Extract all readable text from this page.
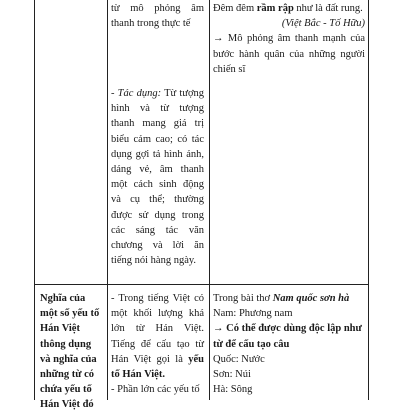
từ mô phỏng âm thanh trong thực tế

- Tác dụng: Từ tượng hình và từ tượng thanh mang giá trị biểu cảm cao; có tác dụng gợi tả hình ảnh, dáng vẻ, âm thanh một cách sinh động và cụ thể; thường được sử dụng trong các sáng tác văn chương và lời ăn tiếng nói hàng ngày.

Đêm đêm rầm rập như là đất rung.

(Việt Bắc - Tố Hữu)

→ Mô phỏng âm thanh mạnh của bước hành quân của những người chiến sĩ

Nghĩa của một số yếu tố Hán Việt thông dụng và nghĩa của những từ có chứa yếu tố Hán Việt đó

- Trong tiếng Việt có một khối lượng khá lớn từ Hán Việt. Tiếng để cấu tạo từ Hán Việt gọi là yếu tố Hán Việt.

- Phần lớn các yếu tố

Trong bài thơ Nam quốc sơn hà

Nam: Phương nam

→ Có thể được dùng độc lập như từ để cấu tạo câu

Quốc: Nước

Sơn: Núi

Hà: Sông
